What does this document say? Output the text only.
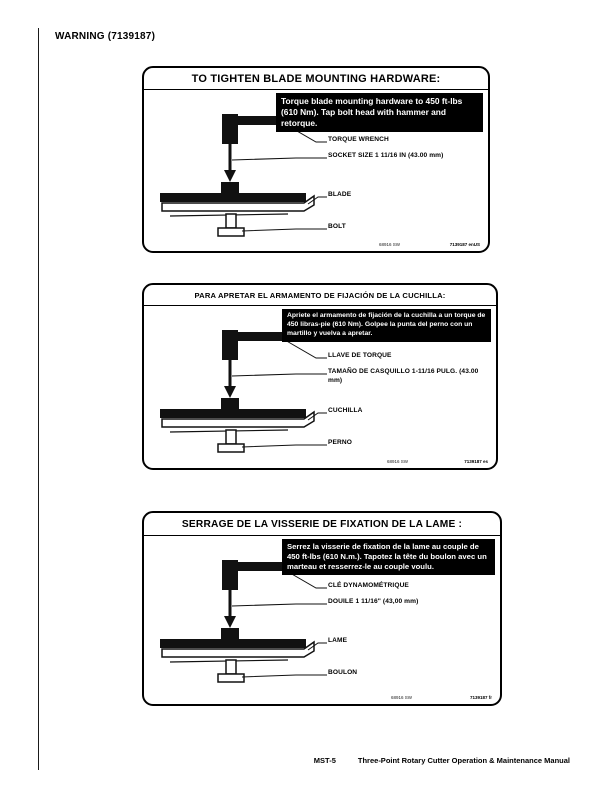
WARNING (7139187)
TO TIGHTEN BLADE MOUNTING HARDWARE:
Torque blade mounting hardware to 450 ft-lbs (610 Nm). Tap bolt head with hammer and retorque.
TORQUE WRENCH
SOCKET SIZE 1 11/16 IN (43.00 mm)
BLADE
BOLT
68916 SW	7139187 enUS
PARA APRETAR EL ARMAMENTO DE FIJACIÓN DE LA CUCHILLA:
Apriete el armamento de fijación de la cuchilla a un torque de 450 libras-pie (610 Nm). Golpee la punta del perno con un martillo y vuelva a apretar.
LLAVE DE TORQUE
TAMAÑO DE CASQUILLO 1-11/16 PULG. (43.00 mm)
CUCHILLA
PERNO
68916 SW	7139187 es
SERRAGE DE LA VISSERIE DE FIXATION DE LA LAME :
Serrez la visserie de fixation de la lame au couple de 450 ft-lbs (610 N.m.). Tapotez la tête du boulon avec un marteau et resserrez-le au couple voulu.
CLÉ DYNAMOMÉTRIQUE
DOUILE 1 11/16" (43,00 mm)
LAME
BOULON
68916 SW	7139187 fr
MST-5	Three-Point Rotary Cutter Operation & Maintenance Manual
